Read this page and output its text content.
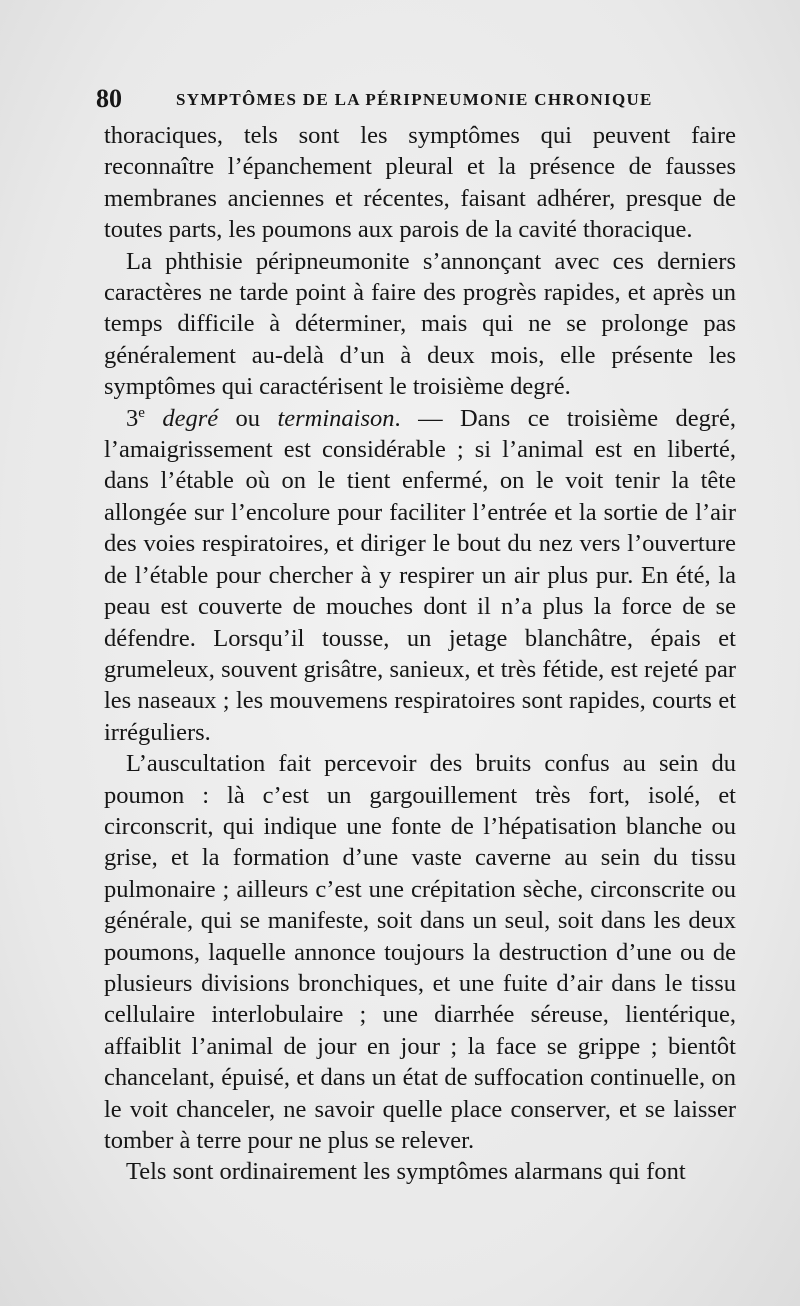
80	SYMPTÔMES DE LA PÉRIPNEUMONIE CHRONIQUE

thoraciques, tels sont les symptômes qui peuvent faire reconnaître l’épanchement pleural et la présence de fausses membranes anciennes et récentes, faisant adhérer, presque de toutes parts, les poumons aux parois de la cavité thoracique.

La phthisie péripneumonite s’annonçant avec ces derniers caractères ne tarde point à faire des progrès rapides, et après un temps difficile à déterminer, mais qui ne se prolonge pas généralement au-delà d’un à deux mois, elle présente les symptômes qui caractérisent le troisième degré.

3e degré ou terminaison. — Dans ce troisième degré, l’amaigrissement est considérable ; si l’animal est en liberté, dans l’étable où on le tient enfermé, on le voit tenir la tête allongée sur l’encolure pour faciliter l’entrée et la sortie de l’air des voies respiratoires, et diriger le bout du nez vers l’ouverture de l’étable pour chercher à y respirer un air plus pur. En été, la peau est couverte de mouches dont il n’a plus la force de se défendre. Lorsqu’il tousse, un jetage blanchâtre, épais et grumeleux, souvent grisâtre, sanieux, et très fétide, est rejeté par les naseaux ; les mouvemens respiratoires sont rapides, courts et irréguliers.

L’auscultation fait percevoir des bruits confus au sein du poumon : là c’est un gargouillement très fort, isolé, et circonscrit, qui indique une fonte de l’hépatisation blanche ou grise, et la formation d’une vaste caverne au sein du tissu pulmonaire ; ailleurs c’est une crépitation sèche, circonscrite ou générale, qui se manifeste, soit dans un seul, soit dans les deux poumons, laquelle annonce toujours la destruction d’une ou de plusieurs divisions bronchiques, et une fuite d’air dans le tissu cellulaire interlobulaire ; une diarrhée séreuse, lientérique, affaiblit l’animal de jour en jour ; la face se grippe ; bientôt chancelant, épuisé, et dans un état de suffocation continuelle, on le voit chanceler, ne savoir quelle place conserver, et se laisser tomber à terre pour ne plus se relever.

Tels sont ordinairement les symptômes alarmans qui font
